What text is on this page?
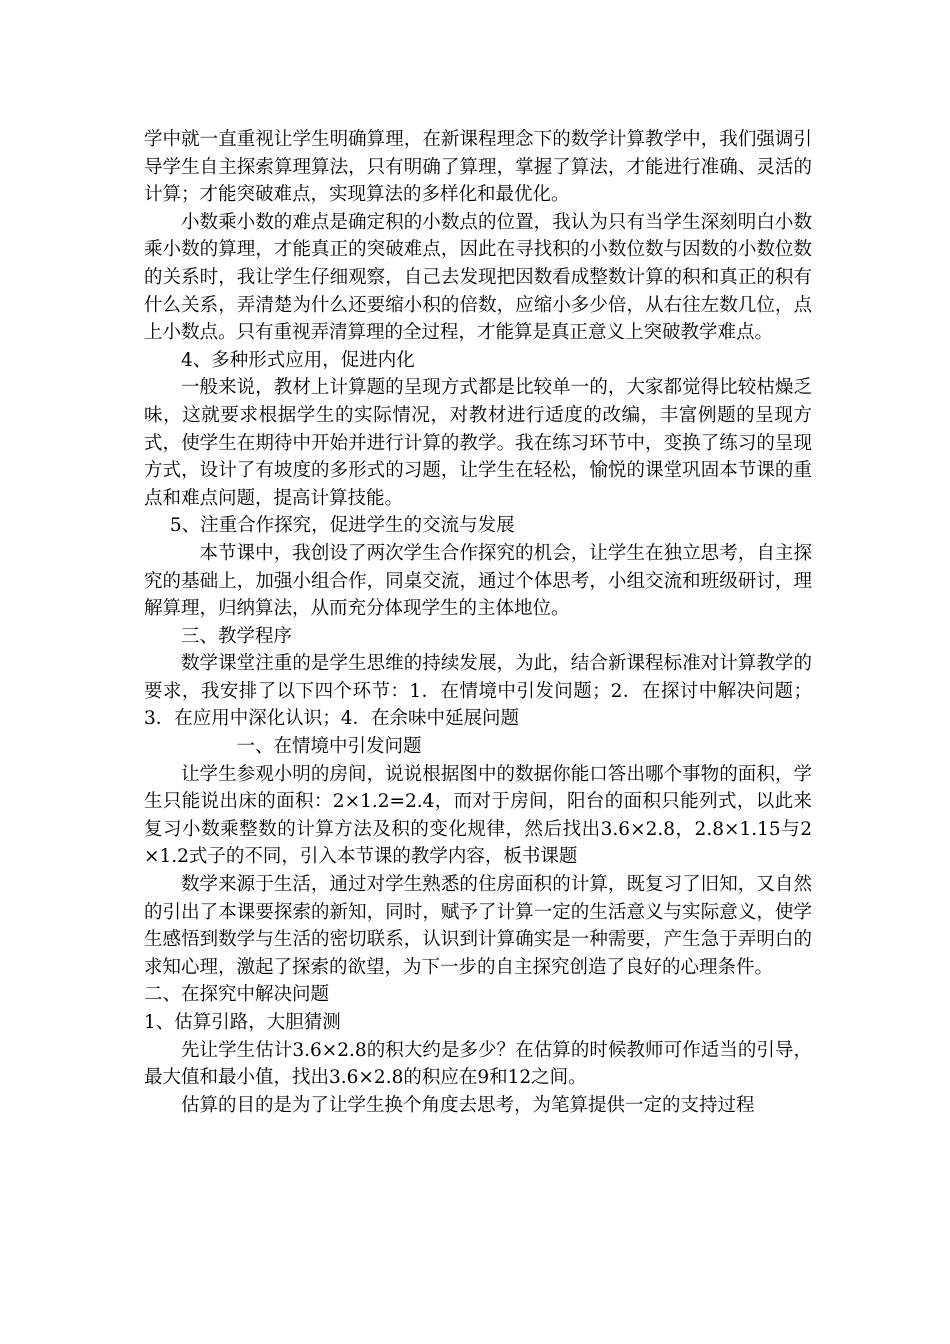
学中就一直重视让学生明确算理，在新课程理念下的数学计算教学中，我们强调引导学生自主探索算理算法，只有明确了算理，掌握了算法，才能进行准确、灵活的计算；才能突破难点，实现算法的多样化和最优化。

小数乘小数的难点是确定积的小数点的位置，我认为只有当学生深刻明白小数乘小数的算理，才能真正的突破难点，因此在寻找积的小数位数与因数的小数位数的关系时，我让学生仔细观察，自己去发现把因数看成整数计算的积和真正的积有什么关系，弄清楚为什么还要缩小积的倍数，应缩小多少倍，从右往左数几位，点上小数点。只有重视弄清算理的全过程，才能算是真正意义上突破教学难点。

4、多种形式应用，促进内化

一般来说，教材上计算题的呈现方式都是比较单一的，大家都觉得比较枯燥乏味，这就要求根据学生的实际情况，对教材进行适度的改编，丰富例题的呈现方式，使学生在期待中开始并进行计算的教学。我在练习环节中，变换了练习的呈现方式，设计了有坡度的多形式的习题，让学生在轻松，愉悦的课堂巩固本节课的重点和难点问题，提高计算技能。

5、注重合作探究，促进学生的交流与发展

本节课中，我创设了两次学生合作探究的机会，让学生在独立思考，自主探究的基础上，加强小组合作，同桌交流，通过个体思考，小组交流和班级研讨，理解算理，归纳算法，从而充分体现学生的主体地位。

三、教学程序

数学课堂注重的是学生思维的持续发展，为此，结合新课程标准对计算教学的要求，我安排了以下四个环节：1．在情境中引发问题；2．在探讨中解决问题；3．在应用中深化认识；4．在余味中延展问题

一、在情境中引发问题

让学生参观小明的房间，说说根据图中的数据你能口答出哪个事物的面积，学生只能说出床的面积：2×1.2=2.4，而对于房间，阳台的面积只能列式，以此来复习小数乘整数的计算方法及积的变化规律，然后找出3.6×2.8，2.8×1.15与2×1.2式子的不同，引入本节课的教学内容，板书课题

数学来源于生活，通过对学生熟悉的住房面积的计算，既复习了旧知，又自然的引出了本课要探索的新知，同时，赋予了计算一定的生活意义与实际意义，使学生感悟到数学与生活的密切联系，认识到计算确实是一种需要，产生急于弄明白的求知心理，激起了探索的欲望，为下一步的自主探究创造了良好的心理条件。

二、在探究中解决问题

1、估算引路，大胆猜测

先让学生估计3.6×2.8的积大约是多少？在估算的时候教师可作适当的引导，最大值和最小值，找出3.6×2.8的积应在9和12之间。

估算的目的是为了让学生换个角度去思考，为笔算提供一定的支持过程
